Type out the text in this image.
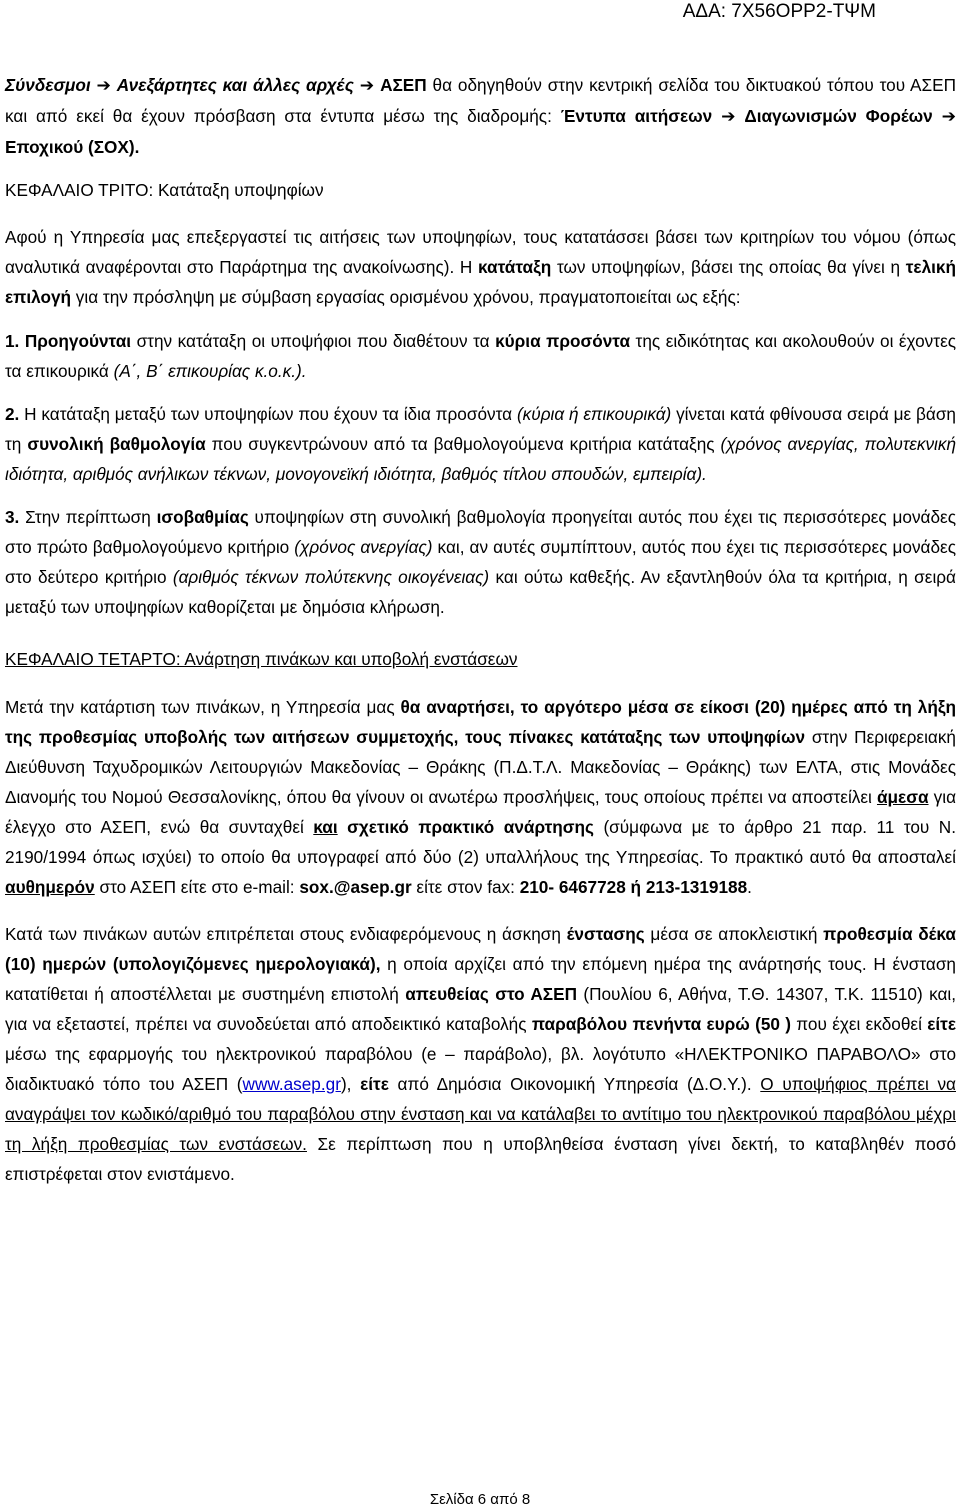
ΑΔΑ: 7Χ56ΟΡΡ2-ΤΨΜ

Σύνδεσμοι ➔ Ανεξάρτητες και άλλες αρχές ➔ ΑΣΕΠ θα οδηγηθούν στην κεντρική σελίδα του δικτυακού τόπου του ΑΣΕΠ και από εκεί θα έχουν πρόσβαση στα έντυπα μέσω της διαδρομής: Έντυπα αιτήσεων ➔ Διαγωνισμών Φορέων ➔ Εποχικού (ΣΟΧ).

ΚΕΦΑΛΑΙΟ ΤΡΙΤΟ: Κατάταξη υποψηφίων

Αφού η Υπηρεσία μας επεξεργαστεί τις αιτήσεις των υποψηφίων, τους κατατάσσει βάσει των κριτηρίων του νόμου (όπως αναλυτικά αναφέρονται στο Παράρτημα της ανακοίνωσης). Η κατάταξη των υποψηφίων, βάσει της οποίας θα γίνει η τελική επιλογή για την πρόσληψη με σύμβαση εργασίας ορισμένου χρόνου, πραγματοποιείται ως εξής:

1. Προηγούνται στην κατάταξη οι υποψήφιοι που διαθέτουν τα κύρια προσόντα της ειδικότητας και ακολουθούν οι έχοντες τα επικουρικά (Α΄, Β΄ επικουρίας κ.ο.κ.).

2. Η κατάταξη μεταξύ των υποψηφίων που έχουν τα ίδια προσόντα (κύρια ή επικουρικά) γίνεται κατά φθίνουσα σειρά με βάση τη συνολική βαθμολογία που συγκεντρώνουν από τα βαθμολογούμενα κριτήρια κατάταξης (χρόνος ανεργίας, πολυτεκνική ιδιότητα, αριθμός ανήλικων τέκνων, μονογονεϊκή ιδιότητα, βαθμός τίτλου σπουδών, εμπειρία).

3. Στην περίπτωση ισοβαθμίας υποψηφίων στη συνολική βαθμολογία προηγείται αυτός που έχει τις περισσότερες μονάδες στο πρώτο βαθμολογούμενο κριτήριο (χρόνος ανεργίας) και, αν αυτές συμπίπτουν, αυτός που έχει τις περισσότερες μονάδες στο δεύτερο κριτήριο (αριθμός τέκνων πολύτεκνης οικογένειας) και ούτω καθεξής. Αν εξαντληθούν όλα τα κριτήρια, η σειρά μεταξύ των υποψηφίων καθορίζεται με δημόσια κλήρωση.

ΚΕΦΑΛΑΙΟ ΤΕΤΑΡΤΟ: Ανάρτηση πινάκων και υποβολή ενστάσεων

Μετά την κατάρτιση των πινάκων, η Υπηρεσία μας θα αναρτήσει, το αργότερο μέσα σε είκοσι (20) ημέρες από τη λήξη της προθεσμίας υποβολής των αιτήσεων συμμετοχής, τους πίνακες κατάταξης των υποψηφίων στην Περιφερειακή Διεύθυνση Ταχυδρομικών Λειτουργιών Μακεδονίας – Θράκης (Π.Δ.Τ.Λ. Μακεδονίας – Θράκης) των ΕΛΤΑ, στις Μονάδες Διανομής του Νομού Θεσσαλονίκης, όπου θα γίνουν οι ανωτέρω προσλήψεις, τους οποίους πρέπει να αποστείλει άμεσα για έλεγχο στο ΑΣΕΠ, ενώ θα συνταχθεί και σχετικό πρακτικό ανάρτησης (σύμφωνα με το άρθρο 21 παρ. 11 του Ν. 2190/1994 όπως ισχύει) το οποίο θα υπογραφεί από δύο (2) υπαλλήλους της Υπηρεσίας. Το πρακτικό αυτό θα αποσταλεί αυθημερόν στο ΑΣΕΠ είτε στο e-mail: sox.@asep.gr είτε στον fax: 210- 6467728 ή 213-1319188.

Κατά των πινάκων αυτών επιτρέπεται στους ενδιαφερόμενους η άσκηση ένστασης μέσα σε αποκλειστική προθεσμία δέκα (10) ημερών (υπολογιζόμενες ημερολογιακά), η οποία αρχίζει από την επόμενη ημέρα της ανάρτησής τους. Η ένσταση κατατίθεται ή αποστέλλεται με συστημένη επιστολή απευθείας στο ΑΣΕΠ (Πουλίου 6, Αθήνα, Τ.Θ. 14307, Τ.Κ. 11510) και, για να εξεταστεί, πρέπει να συνοδεύεται από αποδεικτικό καταβολής παραβόλου πενήντα ευρώ (50 ) που έχει εκδοθεί είτε μέσω της εφαρμογής του ηλεκτρονικού παραβόλου (e – παράβολο), βλ. λογότυπο «ΗΛΕΚΤΡΟΝΙΚΟ ΠΑΡΑΒΟΛΟ» στο διαδικτυακό τόπο του ΑΣΕΠ (www.asep.gr), είτε από Δημόσια Οικονομική Υπηρεσία (Δ.Ο.Υ.). Ο υποψήφιος πρέπει να αναγράψει τον κωδικό/αριθμό του παραβόλου στην ένσταση και να κατάλαβει το αντίτιμο του ηλεκτρονικού παραβόλου μέχρι τη λήξη προθεσμίας των ενστάσεων. Σε περίπτωση που η υποβληθείσα ένσταση γίνει δεκτή, το καταβληθέν ποσό επιστρέφεται στον ενιστάμενο.

Σελίδα 6 από 8
